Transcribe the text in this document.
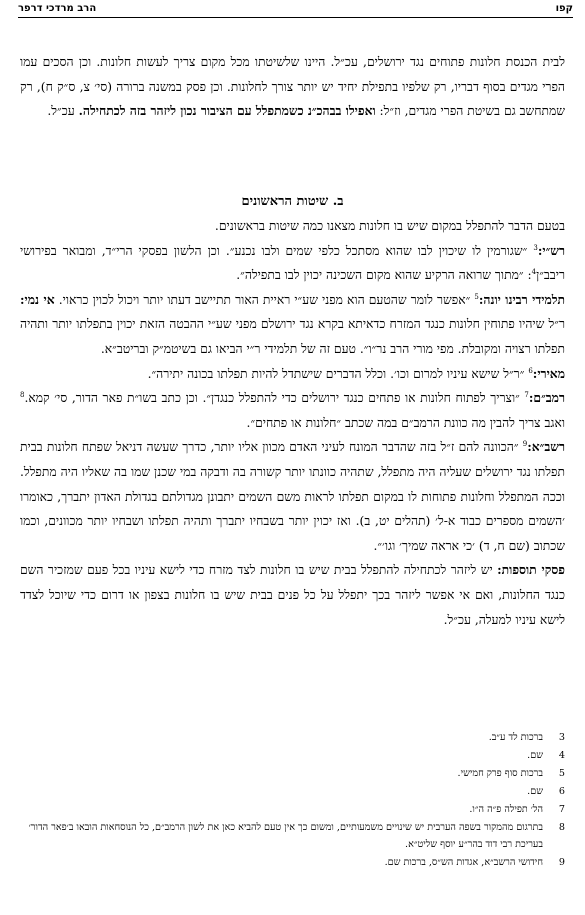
קפו
הרב מרדכי דרפר

לבית הכנסת חלונות פתוחים נגד ירושלים, עכ״ל. היינו שלשיטתו מכל מקום צריך לעשות חלונות. וכן הסכים עמו הפרי מגדים בסוף דבריו, רק שלפיו בתפילת יחיד יש יותר צורך לחלונות. וכן פסק במשנה ברורה (סי׳ צ, ס״ק ח), רק שמתחשב גם בשיטת הפרי מגדים, וז״ל: ואפילו בבהכ״נ כשמתפלל עם הציבור נכון ליזהר בזה לכתחילה. עכ״ל.

ב. שיטות הראשונים

בטעם הדבר להתפלל במקום שיש בו חלונות מצאנו כמה שיטות בראשונים.

רש״י:$^3$ ״שגורמין לו שיכוין לבו שהוא מסתכל כלפי שמים ולבו נכנע״. וכן הלשון בפסקי הרי״ד, ומבואר בפירושי ריבב״ן$^4$: ״מתוך שרואה הרקיע שהוא מקום השכינה יכוין לבו בתפילה״.

תלמידי רבינו יונה:$^5$ ״אפשר לומר שהטעם הוא מפני שע״י ראיית האור תתיישב דעתו יותר ויכול לכוין כראוי. אי נמי: ר״ל שיהיו פתוחין חלונות כנגד המזרח כדאיתא בקרא נגד ירושלם מפני שע״י ההבטה הזאת יכוין בתפלתו יותר ותהיה תפלתו רצויה ומקובלת. מפי מורי הרב נר״ו״. טעם זה של תלמידי ר״י הביאו גם בשיטמ״ק ובריטב״א.

מאירי:$^6$ ״ר״ל שישא עיניו למרום וכו׳. וכלל הדברים שישתדל להיות תפלתו בכונה יתירה״.

רמב״ם:$^7$ ״וצריך לפתוח חלונות או פתחים כנגד ירושלים כדי להתפלל כנגדן״. וכן כתב בשו״ת פאר הדור, סי׳ קמא.$^8$ ואגב צריך להבין מה כוונת הרמב״ם במה שכתב ״חלונות או פתחים״.

רשב״א:$^9$ ״הכוונה להם ז״ל בזה שהדבר המונח לעיני האדם מכוון אליו יותר, כדרך שעשה דניאל שפתח חלונות בבית תפלתו נגד ירושלים שעליה היה מתפלל, שתהיה כוונתו יותר קשורה בה ודבקה במי שכנן שמו בה שאליו היה מתפלל. וככה המתפלל וחלונות פתוחות לו במקום תפלתו לראות משם השמים יתבונן מגדולתם בגדולת האדון יתברך, כאומרו ׳השמים מספרים כבוד א-ל׳ (תהלים יט, ב). ואז יכוין יותר בשבחיו יתברך ותהיה תפלתו ושבחיו יותר מכוונים, וכמו שכתוב (שם ח, ד) ׳כי אראה שמיך׳ וגו׳״.

פסקי תוספות: יש ליזהר לכתחילה להתפלל בבית שיש בו חלונות לצד מזרח כדי לישא עיניו בכל פעם שמזכיר השם כנגד החלונות, ואם אי אפשר ליזהר בכך יתפלל על כל פנים בבית שיש בו חלונות בצפון או דרום כדי שיוכל לצדד לישא עיניו למעלה, עכ״ל.

3
ברכות לד ע״ב.
4
שם.
5
ברכות סוף פרק חמישי.
6
שם.
7
הל׳ תפילה פ״ה ה״ו.
8
בתרגום מהמקור בשפה הערבית יש שינויים משמעותיים, ומשום כך אין טעם להביא כאן את לשון הרמב״ם, כל הנוסחאות הובאו ב׳פאר הדור׳ בעריכת רבי דוד בהר״ע יוסף שליט״א.
9
חידושי הרשב״א, אגדות הש״ס, ברכות שם.
